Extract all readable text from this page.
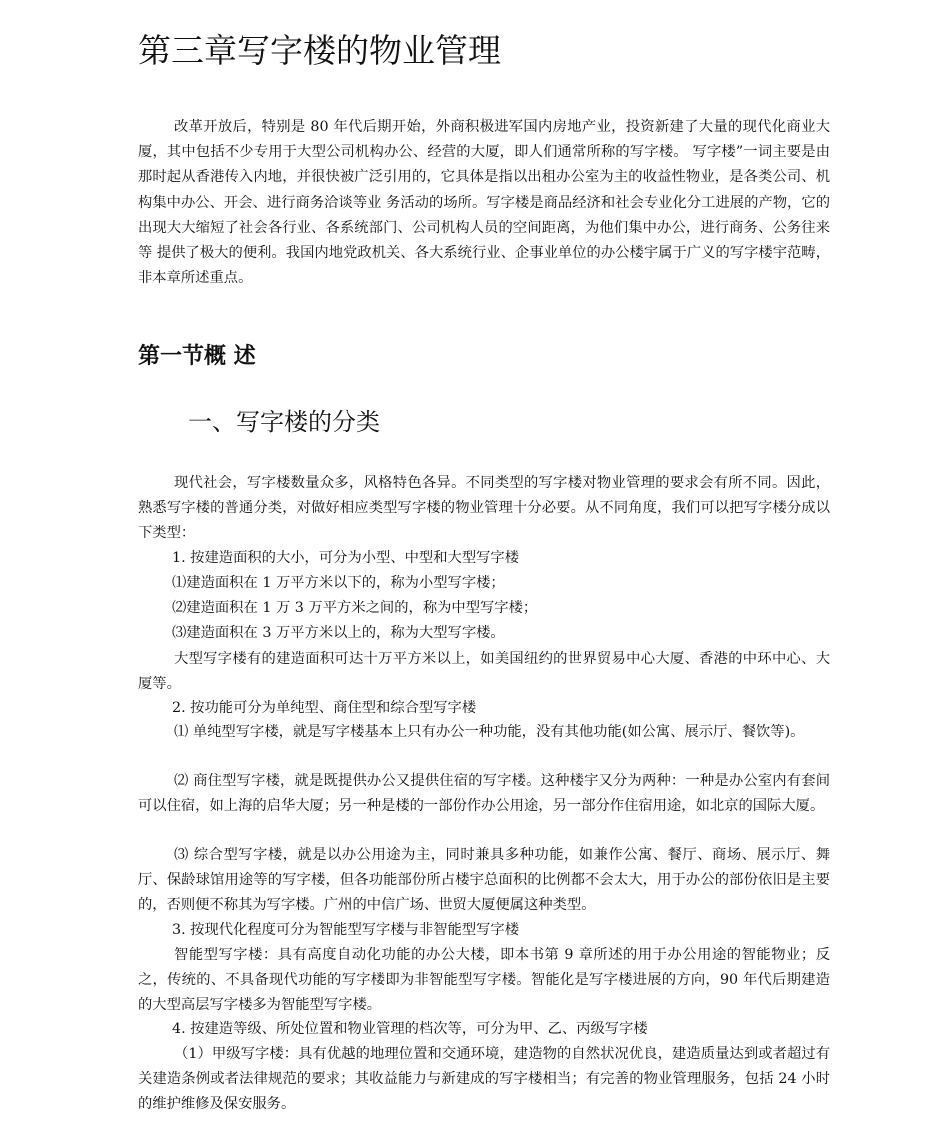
第三章写字楼的物业管理

改革开放后，特别是 80 年代后期开始，外商积极进军国内房地产业，投资新建了大量的现代化商业大厦，其中包括不少专用于大型公司机构办公、经营的大厦，即人们通常所称的写字楼。 写字楼”一词主要是由那时起从香港传入内地，并很快被广泛引用的，它具体是指以出租办公室为主的收益性物业，是各类公司、机构集中办公、开会、进行商务洽谈等业 务活动的场所。写字楼是商品经济和社会专业化分工进展的产物，它的出现大大缩短了社会各行业、各系统部门、公司机构人员的空间距离，为他们集中办公，进行商务、公务往来等 提供了极大的便利。我国内地党政机关、各大系统行业、企事业单位的办公楼宇属于广义的写字楼宇范畴，非本章所述重点。

第一节概 述
一、写字楼的分类

现代社会，写字楼数量众多，风格特色各异。不同类型的写字楼对物业管理的要求会有所不同。因此，熟悉写字楼的普通分类，对做好相应类型写字楼的物业管理十分必要。从不同角度，我们可以把写字楼分成以下类型：

1. 按建造面积的大小，可分为小型、中型和大型写字楼

⑴建造面积在 1 万平方米以下的，称为小型写字楼；

⑵建造面积在 1 万 3 万平方米之间的，称为中型写字楼；

⑶建造面积在 3 万平方米以上的，称为大型写字楼。

大型写字楼有的建造面积可达十万平方米以上，如美国纽约的世界贸易中心大厦、香港的中环中心、大厦等。

2. 按功能可分为单纯型、商住型和综合型写字楼

⑴ 单纯型写字楼，就是写字楼基本上只有办公一种功能，没有其他功能(如公寓、展示厅、餐饮等)。

⑵ 商住型写字楼，就是既提供办公又提供住宿的写字楼。这种楼宇又分为两种：一种是办公室内有套间可以住宿，如上海的启华大厦；另一种是楼的一部份作办公用途，另一部分作住宿用途，如北京的国际大厦。

⑶ 综合型写字楼，就是以办公用途为主，同时兼具多种功能，如兼作公寓、餐厅、商场、展示厅、舞厅、保龄球馆用途等的写字楼，但各功能部份所占楼宇总面积的比例都不会太大，用于办公的部份依旧是主要的，否则便不称其为写字楼。广州的中信广场、世贸大厦便属这种类型。

3. 按现代化程度可分为智能型写字楼与非智能型写字楼

智能型写字楼：具有高度自动化功能的办公大楼，即本书第 9 章所述的用于办公用途的智能物业；反之，传统的、不具备现代功能的写字楼即为非智能型写字楼。智能化是写字楼进展的方向，90 年代后期建造的大型高层写字楼多为智能型写字楼。

4. 按建造等级、所处位置和物业管理的档次等，可分为甲、乙、丙级写字楼

（1）甲级写字楼：具有优越的地理位置和交通环境，建造物的自然状况优良，建造质量达到或者超过有关建造条例或者法律规范的要求；其收益能力与新建成的写字楼相当；有完善的物业管理服务，包括 24 小时的维护维修及保安服务。
